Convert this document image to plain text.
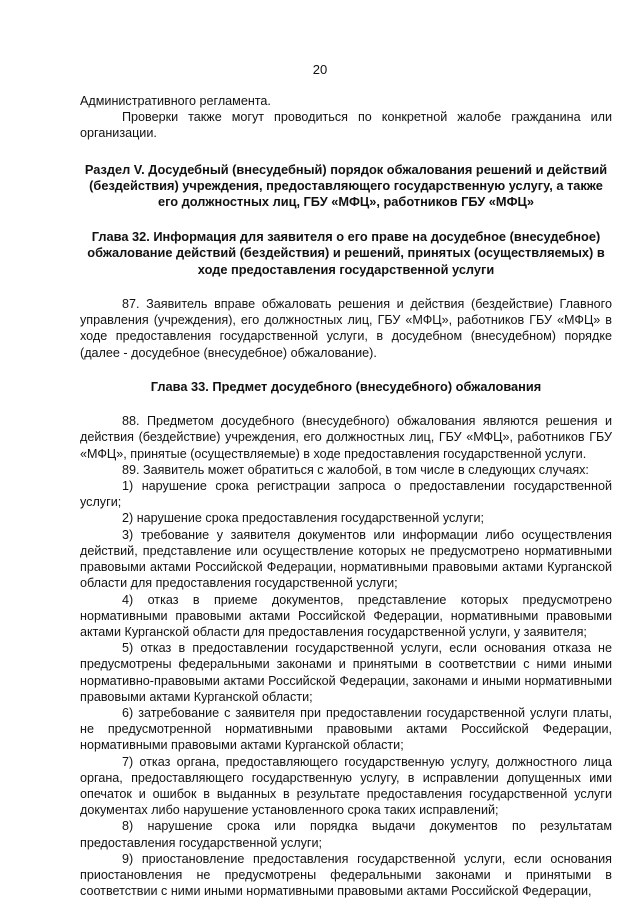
20

Административного регламента.

Проверки также могут проводиться по конкретной жалобе гражданина или организации.

Раздел V. Досудебный (внесудебный) порядок обжалования решений и действий (бездействия) учреждения, предоставляющего государственную услугу, а также его должностных лиц, ГБУ «МФЦ», работников ГБУ «МФЦ»

Глава 32. Информация для заявителя о его праве на досудебное (внесудебное) обжалование действий (бездействия) и решений, принятых (осуществляемых) в ходе предоставления государственной услуги

87. Заявитель вправе обжаловать решения и действия (бездействие) Главного управления (учреждения), его должностных лиц, ГБУ «МФЦ», работников ГБУ «МФЦ» в ходе предоставления государственной услуги, в досудебном (внесудебном) порядке (далее - досудебное (внесудебное) обжалование).

Глава 33. Предмет досудебного (внесудебного) обжалования

88. Предметом досудебного (внесудебного) обжалования являются решения и действия (бездействие) учреждения, его должностных лиц, ГБУ «МФЦ», работников ГБУ «МФЦ», принятые (осуществляемые) в ходе предоставления государственной услуги.

89. Заявитель может обратиться с жалобой, в том числе в следующих случаях:

1) нарушение срока регистрации запроса о предоставлении государственной услуги;

2) нарушение срока предоставления государственной услуги;

3) требование у заявителя документов или информации либо осуществления действий, представление или осуществление которых не предусмотрено нормативными правовыми актами Российской Федерации, нормативными правовыми актами Курганской области для предоставления государственной услуги;

4) отказ в приеме документов, представление которых предусмотрено нормативными правовыми актами Российской Федерации, нормативными правовыми актами Курганской области для предоставления государственной услуги, у заявителя;

5) отказ в предоставлении государственной услуги, если основания отказа не предусмотрены федеральными законами и принятыми в соответствии с ними иными нормативно-правовыми актами Российской Федерации, законами и иными нормативными правовыми актами Курганской области;

6) затребование с заявителя при предоставлении государственной услуги платы, не предусмотренной нормативными правовыми актами Российской Федерации, нормативными правовыми актами Курганской области;

7) отказ органа, предоставляющего государственную услугу, должностного лица органа, предоставляющего государственную услугу, в исправлении допущенных ими опечаток и ошибок в выданных в результате предоставления государственной услуги документах либо нарушение установленного срока таких исправлений;

8) нарушение срока или порядка выдачи документов по результатам предоставления государственной услуги;

9) приостановление предоставления государственной услуги, если основания приостановления не предусмотрены федеральными законами и принятыми в соответствии с ними иными нормативными правовыми актами Российской Федерации,
